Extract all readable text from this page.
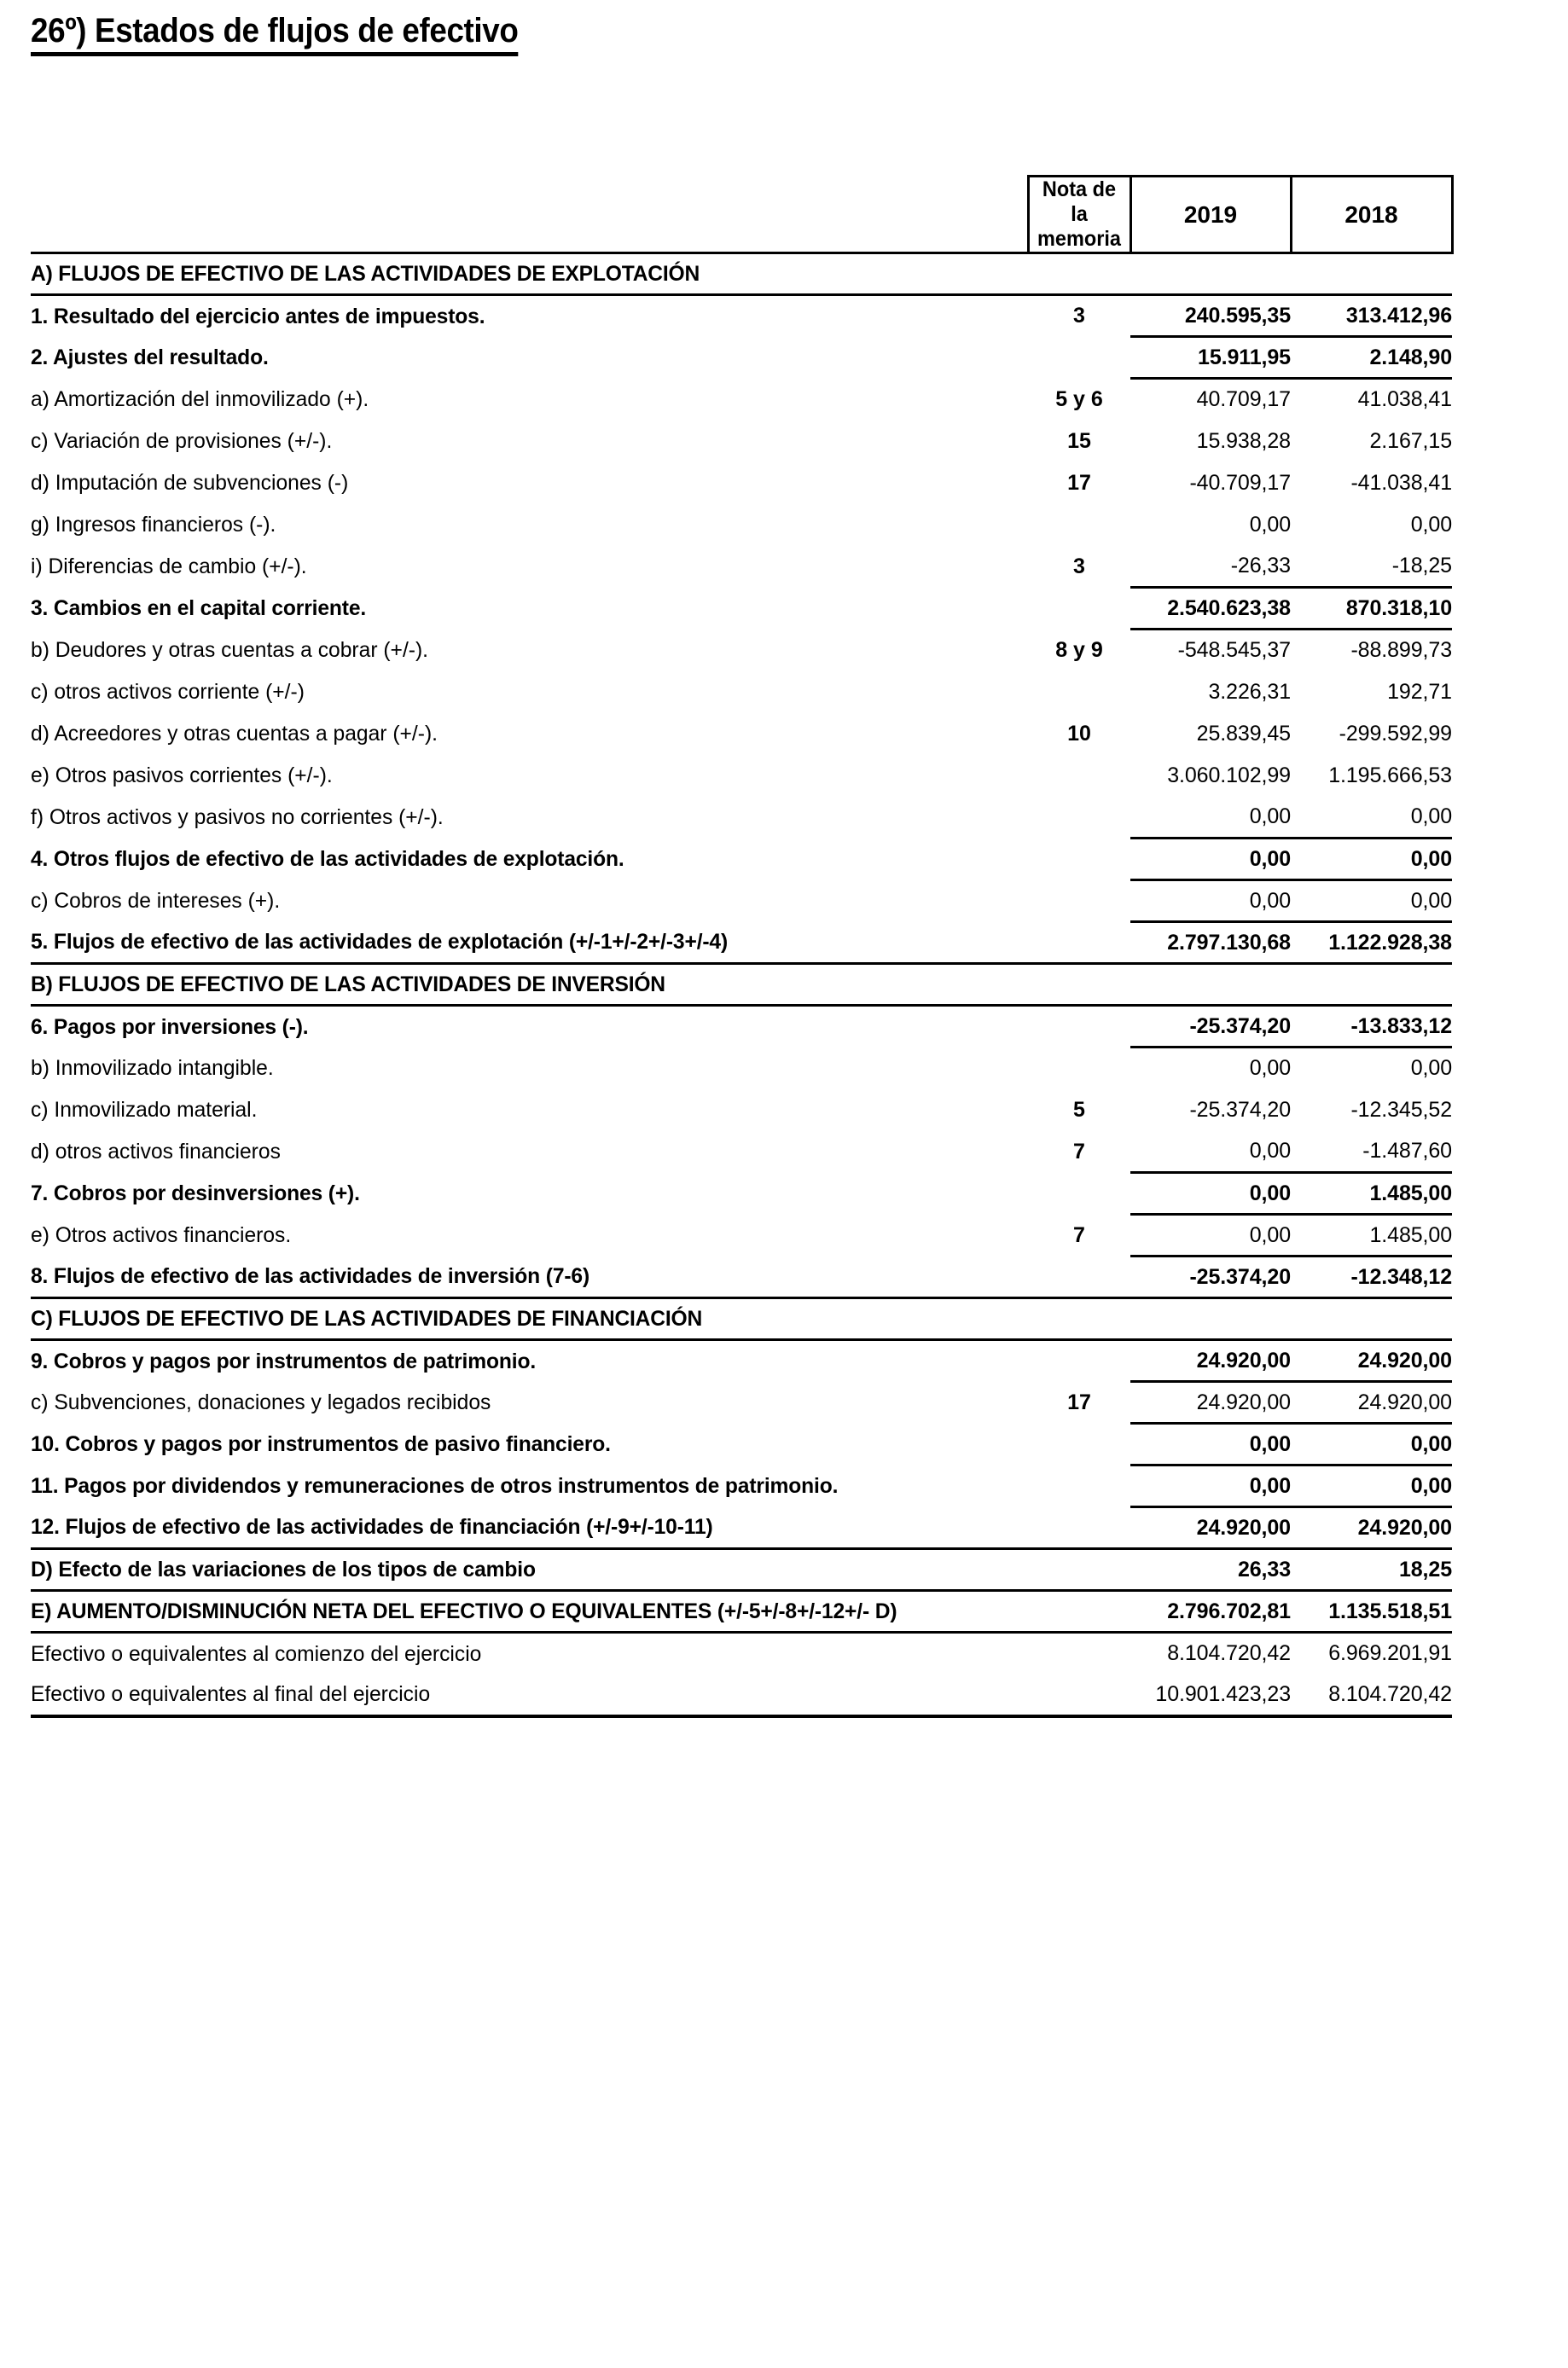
26º) Estados de flujos de efectivo
	Nota de
la
memoria	2019	2018
A) FLUJOS DE EFECTIVO DE LAS ACTIVIDADES DE EXPLOTACIÓN			
1. Resultado del ejercicio antes de impuestos.	3	240.595,35	313.412,96
2. Ajustes del resultado.		15.911,95	2.148,90
a) Amortización del inmovilizado (+).	5 y 6	40.709,17	41.038,41
c) Variación de provisiones (+/-).	15	15.938,28	2.167,15
d) Imputación de subvenciones (-)	17	-40.709,17	-41.038,41
g) Ingresos financieros (-).		0,00	0,00
i) Diferencias de cambio (+/-).	3	-26,33	-18,25
3. Cambios en el capital corriente.		2.540.623,38	870.318,10
b) Deudores y otras cuentas a cobrar (+/-).	8 y 9	-548.545,37	-88.899,73
c) otros activos corriente (+/-)		3.226,31	192,71
d) Acreedores y otras cuentas a pagar (+/-).	10	25.839,45	-299.592,99
e) Otros pasivos corrientes (+/-).		3.060.102,99	1.195.666,53
f) Otros activos y pasivos no corrientes (+/-).		0,00	0,00
4. Otros flujos de efectivo de las actividades de explotación.		0,00	0,00
c) Cobros de intereses (+).		0,00	0,00
5. Flujos de efectivo de las actividades de explotación (+/-1+/-2+/-3+/-4)		2.797.130,68	1.122.928,38
B) FLUJOS DE EFECTIVO DE LAS ACTIVIDADES DE INVERSIÓN			
6. Pagos por inversiones (-).		-25.374,20	-13.833,12
b) Inmovilizado intangible.		0,00	0,00
c) Inmovilizado material.	5	-25.374,20	-12.345,52
d) otros activos financieros	7	0,00	-1.487,60
7. Cobros por desinversiones (+).		0,00	1.485,00
e) Otros activos financieros.	7	0,00	1.485,00
8. Flujos de efectivo de las actividades de inversión (7-6)		-25.374,20	-12.348,12
C) FLUJOS DE EFECTIVO DE LAS ACTIVIDADES DE FINANCIACIÓN			
9. Cobros y pagos por instrumentos de patrimonio.		24.920,00	24.920,00
c) Subvenciones, donaciones y legados recibidos	17	24.920,00	24.920,00
10. Cobros y pagos por instrumentos de pasivo financiero.		0,00	0,00
11. Pagos por dividendos y remuneraciones de otros instrumentos de patrimonio.		0,00	0,00
12. Flujos de efectivo de las actividades de financiación (+/-9+/-10-11)		24.920,00	24.920,00
D) Efecto de las variaciones de los tipos de cambio		26,33	18,25
E) AUMENTO/DISMINUCIÓN NETA DEL EFECTIVO O EQUIVALENTES (+/-5+/-8+/-12+/- D)		2.796.702,81	1.135.518,51
Efectivo o equivalentes al comienzo del ejercicio		8.104.720,42	6.969.201,91
Efectivo o equivalentes al final del ejercicio		10.901.423,23	8.104.720,42
